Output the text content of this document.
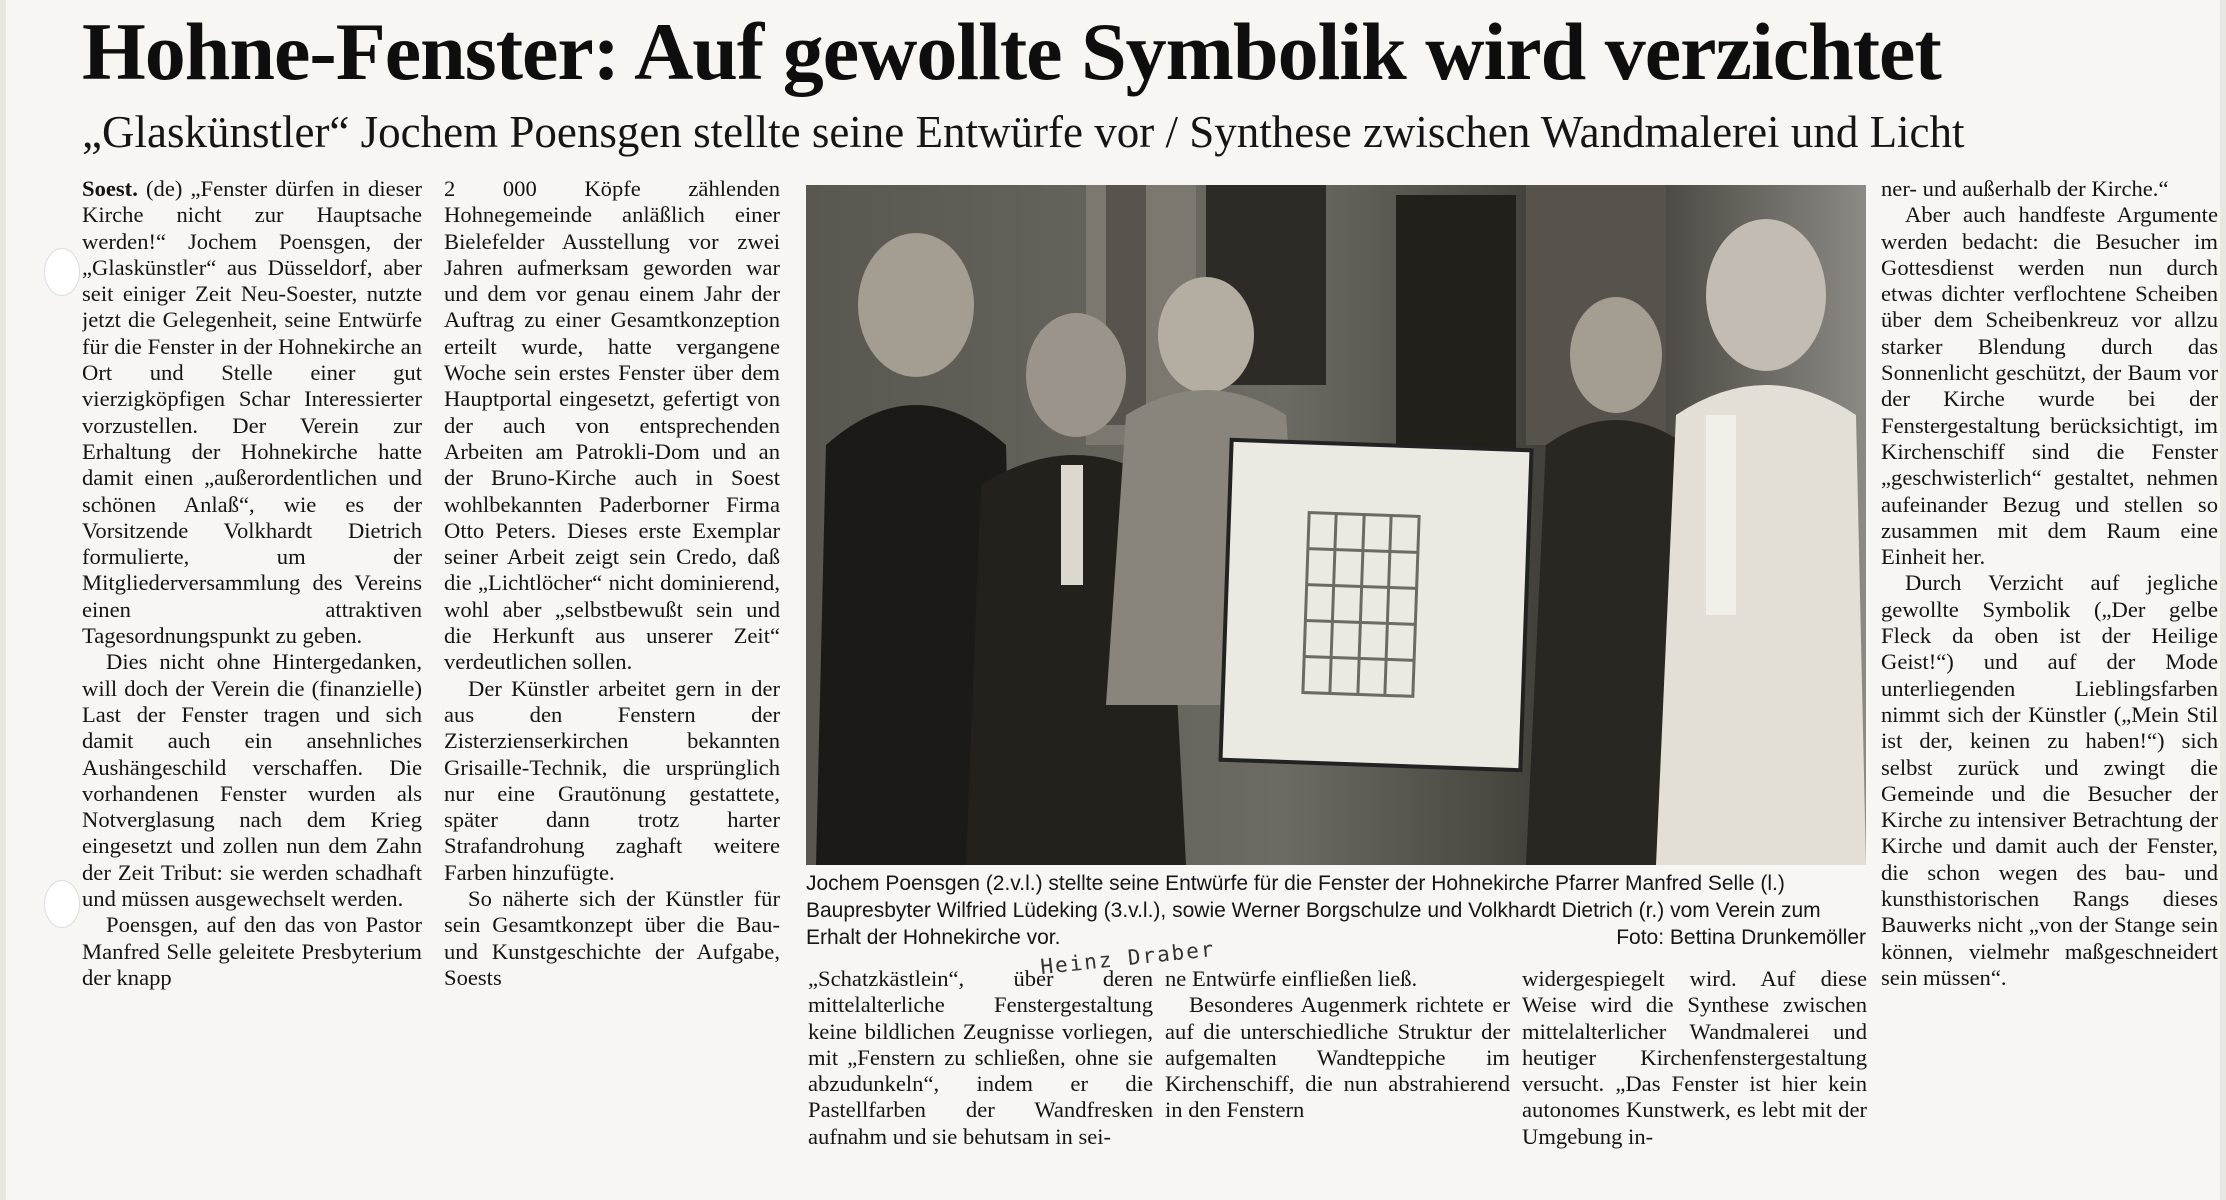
Hohne-Fenster: Auf gewollte Symbolik wird verzichtet
„Glaskünstler“ Jochem Poensgen stellte seine Entwürfe vor / Synthese zwischen Wandmalerei und Licht

Soest. (de) „Fenster dürfen in dieser Kirche nicht zur Hauptsache werden!“ Jochem Poensgen, der „Glaskünstler“ aus Düsseldorf, aber seit einiger Zeit Neu-Soester, nutzte jetzt die Gelegenheit, seine Entwürfe für die Fenster in der Hohnekirche an Ort und Stelle einer gut vierzigköpfigen Schar Interessierter vorzustellen. Der Verein zur Erhaltung der Hohnekirche hatte damit einen „außerordentlichen und schönen Anlaß“, wie es der Vorsitzende Volkhardt Dietrich formulierte, um der Mitgliederversammlung des Vereins einen attraktiven Tagesordnungspunkt zu geben.

Dies nicht ohne Hintergedanken, will doch der Verein die (finanzielle) Last der Fenster tragen und sich damit auch ein ansehnliches Aushängeschild verschaffen. Die vorhandenen Fenster wurden als Notverglasung nach dem Krieg eingesetzt und zollen nun dem Zahn der Zeit Tribut: sie werden schadhaft und müssen ausgewechselt werden.

Poensgen, auf den das von Pastor Manfred Selle geleitete Presbyterium der knapp

2 000 Köpfe zählenden Hohnegemeinde anläßlich einer Bielefelder Ausstellung vor zwei Jahren aufmerksam geworden war und dem vor genau einem Jahr der Auftrag zu einer Gesamtkonzeption erteilt wurde, hatte vergangene Woche sein erstes Fenster über dem Hauptportal eingesetzt, gefertigt von der auch von entsprechenden Arbeiten am Patrokli-Dom und an der Bruno-Kirche auch in Soest wohlbekannten Paderborner Firma Otto Peters. Dieses erste Exemplar seiner Arbeit zeigt sein Credo, daß die „Lichtlöcher“ nicht dominierend, wohl aber „selbstbewußt sein und die Herkunft aus unserer Zeit“ verdeutlichen sollen.

Der Künstler arbeitet gern in der aus den Fenstern der Zisterzienserkirchen bekannten Grisaille-Technik, die ursprünglich nur eine Grautönung gestattete, später dann trotz harter Strafandrohung zaghaft weitere Farben hinzufügte.

So näherte sich der Künstler für sein Gesamtkonzept über die Bau- und Kunstgeschichte der Aufgabe, Soests

Jochem Poensgen (2.v.l.) stellte seine Entwürfe für die Fenster der Hohnekirche Pfarrer Manfred Selle (l.) Baupresbyter Wilfried Lüdeking (3.v.l.), sowie Werner Borgschulze und Volkhardt Dietrich (r.) vom Verein zum Erhalt der Hohnekirche vor.	Foto: Bettina Drunkemöller
Heinz Draber

„Schatzkästlein“, über deren mittelalterliche Fenstergestaltung keine bildlichen Zeugnisse vorliegen, mit „Fenstern zu schließen, ohne sie abzudunkeln“, indem er die Pastellfarben der Wandfresken aufnahm und sie behutsam in sei-

ne Entwürfe einfließen ließ.

Besonderes Augenmerk richtete er auf die unterschiedliche Struktur der aufgemalten Wandteppiche im Kirchenschiff, die nun abstrahierend in den Fenstern

widergespiegelt wird. Auf diese Weise wird die Synthese zwischen mittelalterlicher Wandmalerei und heutiger Kirchenfenstergestaltung versucht. „Das Fenster ist hier kein autonomes Kunstwerk, es lebt mit der Umgebung in-

ner- und außerhalb der Kirche.“

Aber auch handfeste Argumente werden bedacht: die Besucher im Gottesdienst werden nun durch etwas dichter verflochtene Scheiben über dem Scheibenkreuz vor allzu starker Blendung durch das Sonnenlicht geschützt, der Baum vor der Kirche wurde bei der Fenstergestaltung berücksichtigt, im Kirchenschiff sind die Fenster „geschwisterlich“ gestaltet, nehmen aufeinander Bezug und stellen so zusammen mit dem Raum eine Einheit her.

Durch Verzicht auf jegliche gewollte Symbolik („Der gelbe Fleck da oben ist der Heilige Geist!“) und auf der Mode unterliegenden Lieblingsfarben nimmt sich der Künstler („Mein Stil ist der, keinen zu haben!“) sich selbst zurück und zwingt die Gemeinde und die Besucher der Kirche zu intensiver Betrachtung der Kirche und damit auch der Fenster, die schon wegen des bau- und kunsthistorischen Rangs dieses Bauwerks nicht „von der Stange sein können, vielmehr maßgeschneidert sein müssen“.
